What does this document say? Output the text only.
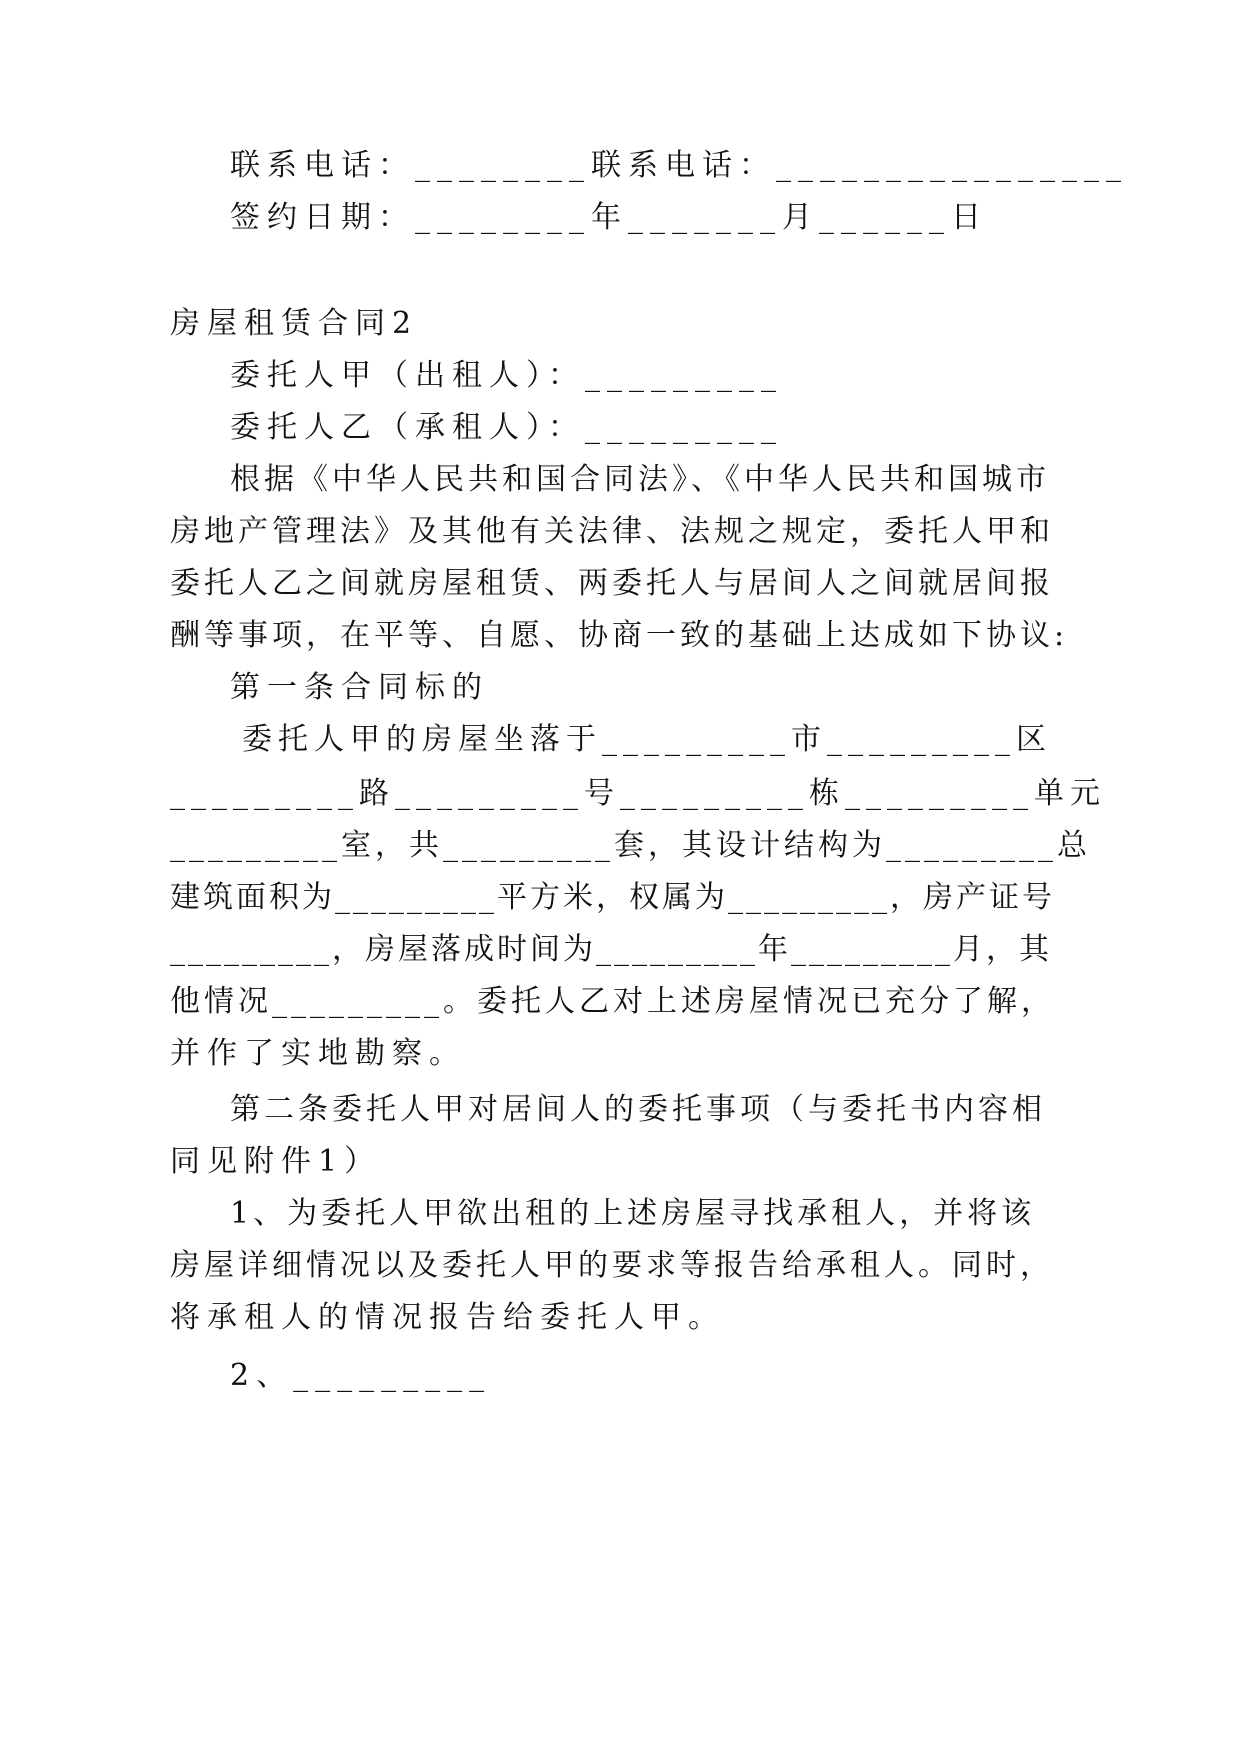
联系电话：________联系电话：________________

签约日期：________年_______月______日

房屋租赁合同2

委托人甲（出租人）：_________

委托人乙（承租人）：_________

根据《中华人民共和国合同法》、《中华人民共和国城市

房地产管理法》及其他有关法律、法规之规定，委托人甲和

委托人乙之间就房屋租赁、两委托人与居间人之间就居间报

酬等事项，在平等、自愿、协商一致的基础上达成如下协议:

第一条合同标的

委托人甲的房屋坐落于_________市_________区

_________路_________号_________栋_________单元

_________室，共_________套，其设计结构为_________总

建筑面积为_________平方米，权属为_________，房产证号

_________，房屋落成时间为_________年_________月，其

他情况_________。委托人乙对上述房屋情况已充分了解，

并作了实地勘察。

第二条委托人甲对居间人的委托事项（与委托书内容相

同见附件1）

1、为委托人甲欲出租的上述房屋寻找承租人，并将该

房屋详细情况以及委托人甲的要求等报告给承租人。同时，

将承租人的情况报告给委托人甲。

2、_________
